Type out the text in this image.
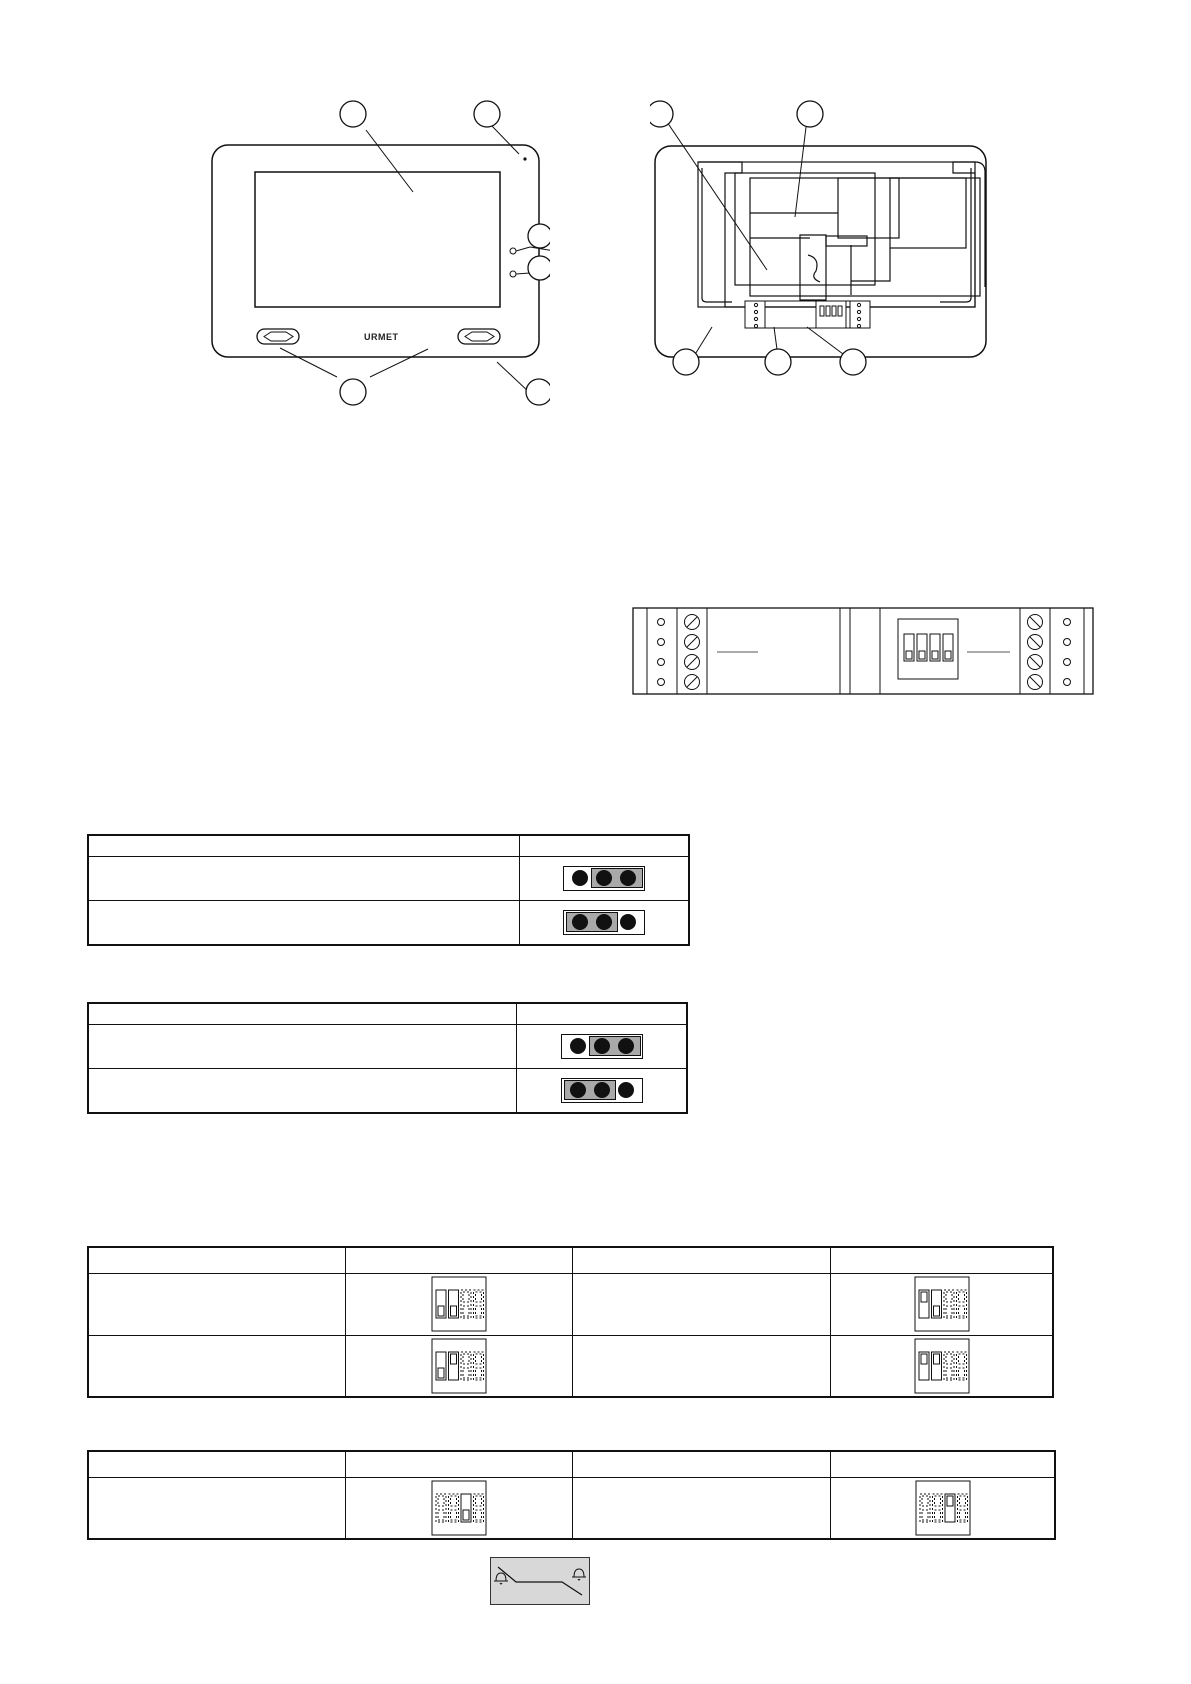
URMET
